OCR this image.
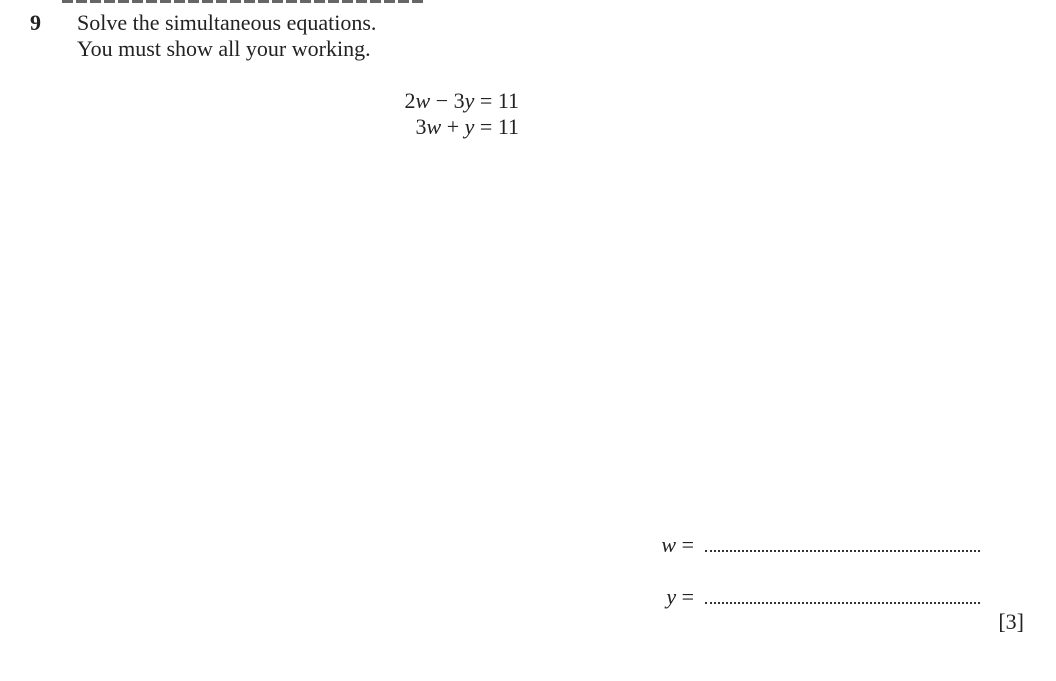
9 Solve the simultaneous equations.
You must show all your working.
2w − 3y = 11
3w + y = 11
w =
y =
[3]
